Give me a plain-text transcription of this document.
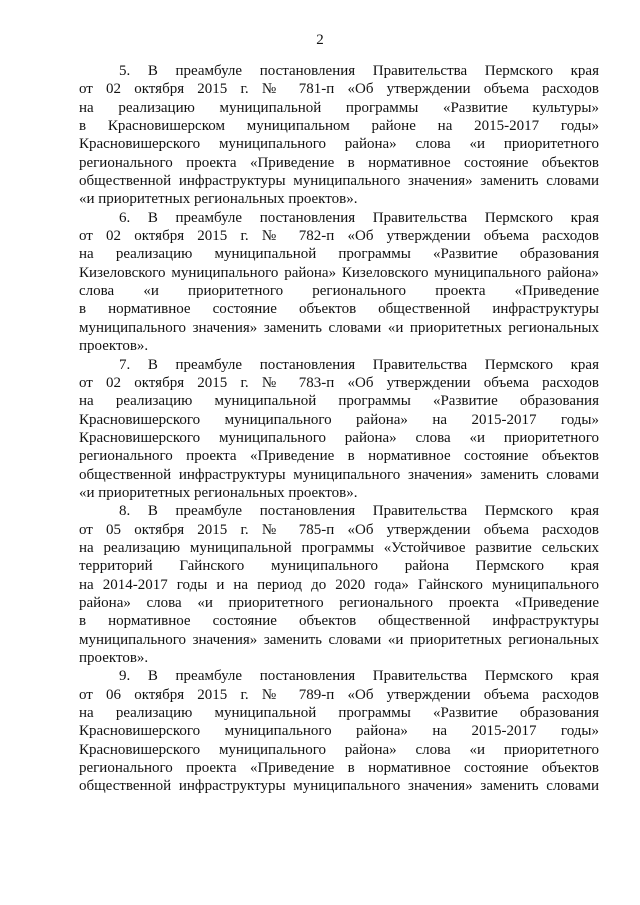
2
5. В преамбуле постановления Правительства Пермского края
от 02 октября 2015 г. № 781-п «Об утверждении объема расходов
на реализацию муниципальной программы «Развитие культуры»
в Красновишерском муниципальном районе на 2015-2017 годы»
Красновишерского муниципального района» слова «и приоритетного
регионального проекта «Приведение в нормативное состояние объектов
общественной инфраструктуры муниципального значения» заменить словами
«и приоритетных региональных проектов».
6. В преамбуле постановления Правительства Пермского края
от 02 октября 2015 г. № 782-п «Об утверждении объема расходов
на реализацию муниципальной программы «Развитие образования
Кизеловского муниципального района» Кизеловского муниципального района»
слова «и приоритетного регионального проекта «Приведение
в нормативное состояние объектов общественной инфраструктуры
муниципального значения» заменить словами «и приоритетных региональных
проектов».
7. В преамбуле постановления Правительства Пермского края
от 02 октября 2015 г. № 783-п «Об утверждении объема расходов
на реализацию муниципальной программы «Развитие образования
Красновишерского муниципального района» на 2015-2017 годы»
Красновишерского муниципального района» слова «и приоритетного
регионального проекта «Приведение в нормативное состояние объектов
общественной инфраструктуры муниципального значения» заменить словами
«и приоритетных региональных проектов».
8. В преамбуле постановления Правительства Пермского края
от 05 октября 2015 г. № 785-п «Об утверждении объема расходов
на реализацию муниципальной программы «Устойчивое развитие сельских
территорий Гайнского муниципального района Пермского края
на 2014-2017 годы и на период до 2020 года» Гайнского муниципального
района» слова «и приоритетного регионального проекта «Приведение
в нормативное состояние объектов общественной инфраструктуры
муниципального значения» заменить словами «и приоритетных региональных
проектов».
9. В преамбуле постановления Правительства Пермского края
от 06 октября 2015 г. № 789-п «Об утверждении объема расходов
на реализацию муниципальной программы «Развитие образования
Красновишерского муниципального района» на 2015-2017 годы»
Красновишерского муниципального района» слова «и приоритетного
регионального проекта «Приведение в нормативное состояние объектов
общественной инфраструктуры муниципального значения» заменить словами
